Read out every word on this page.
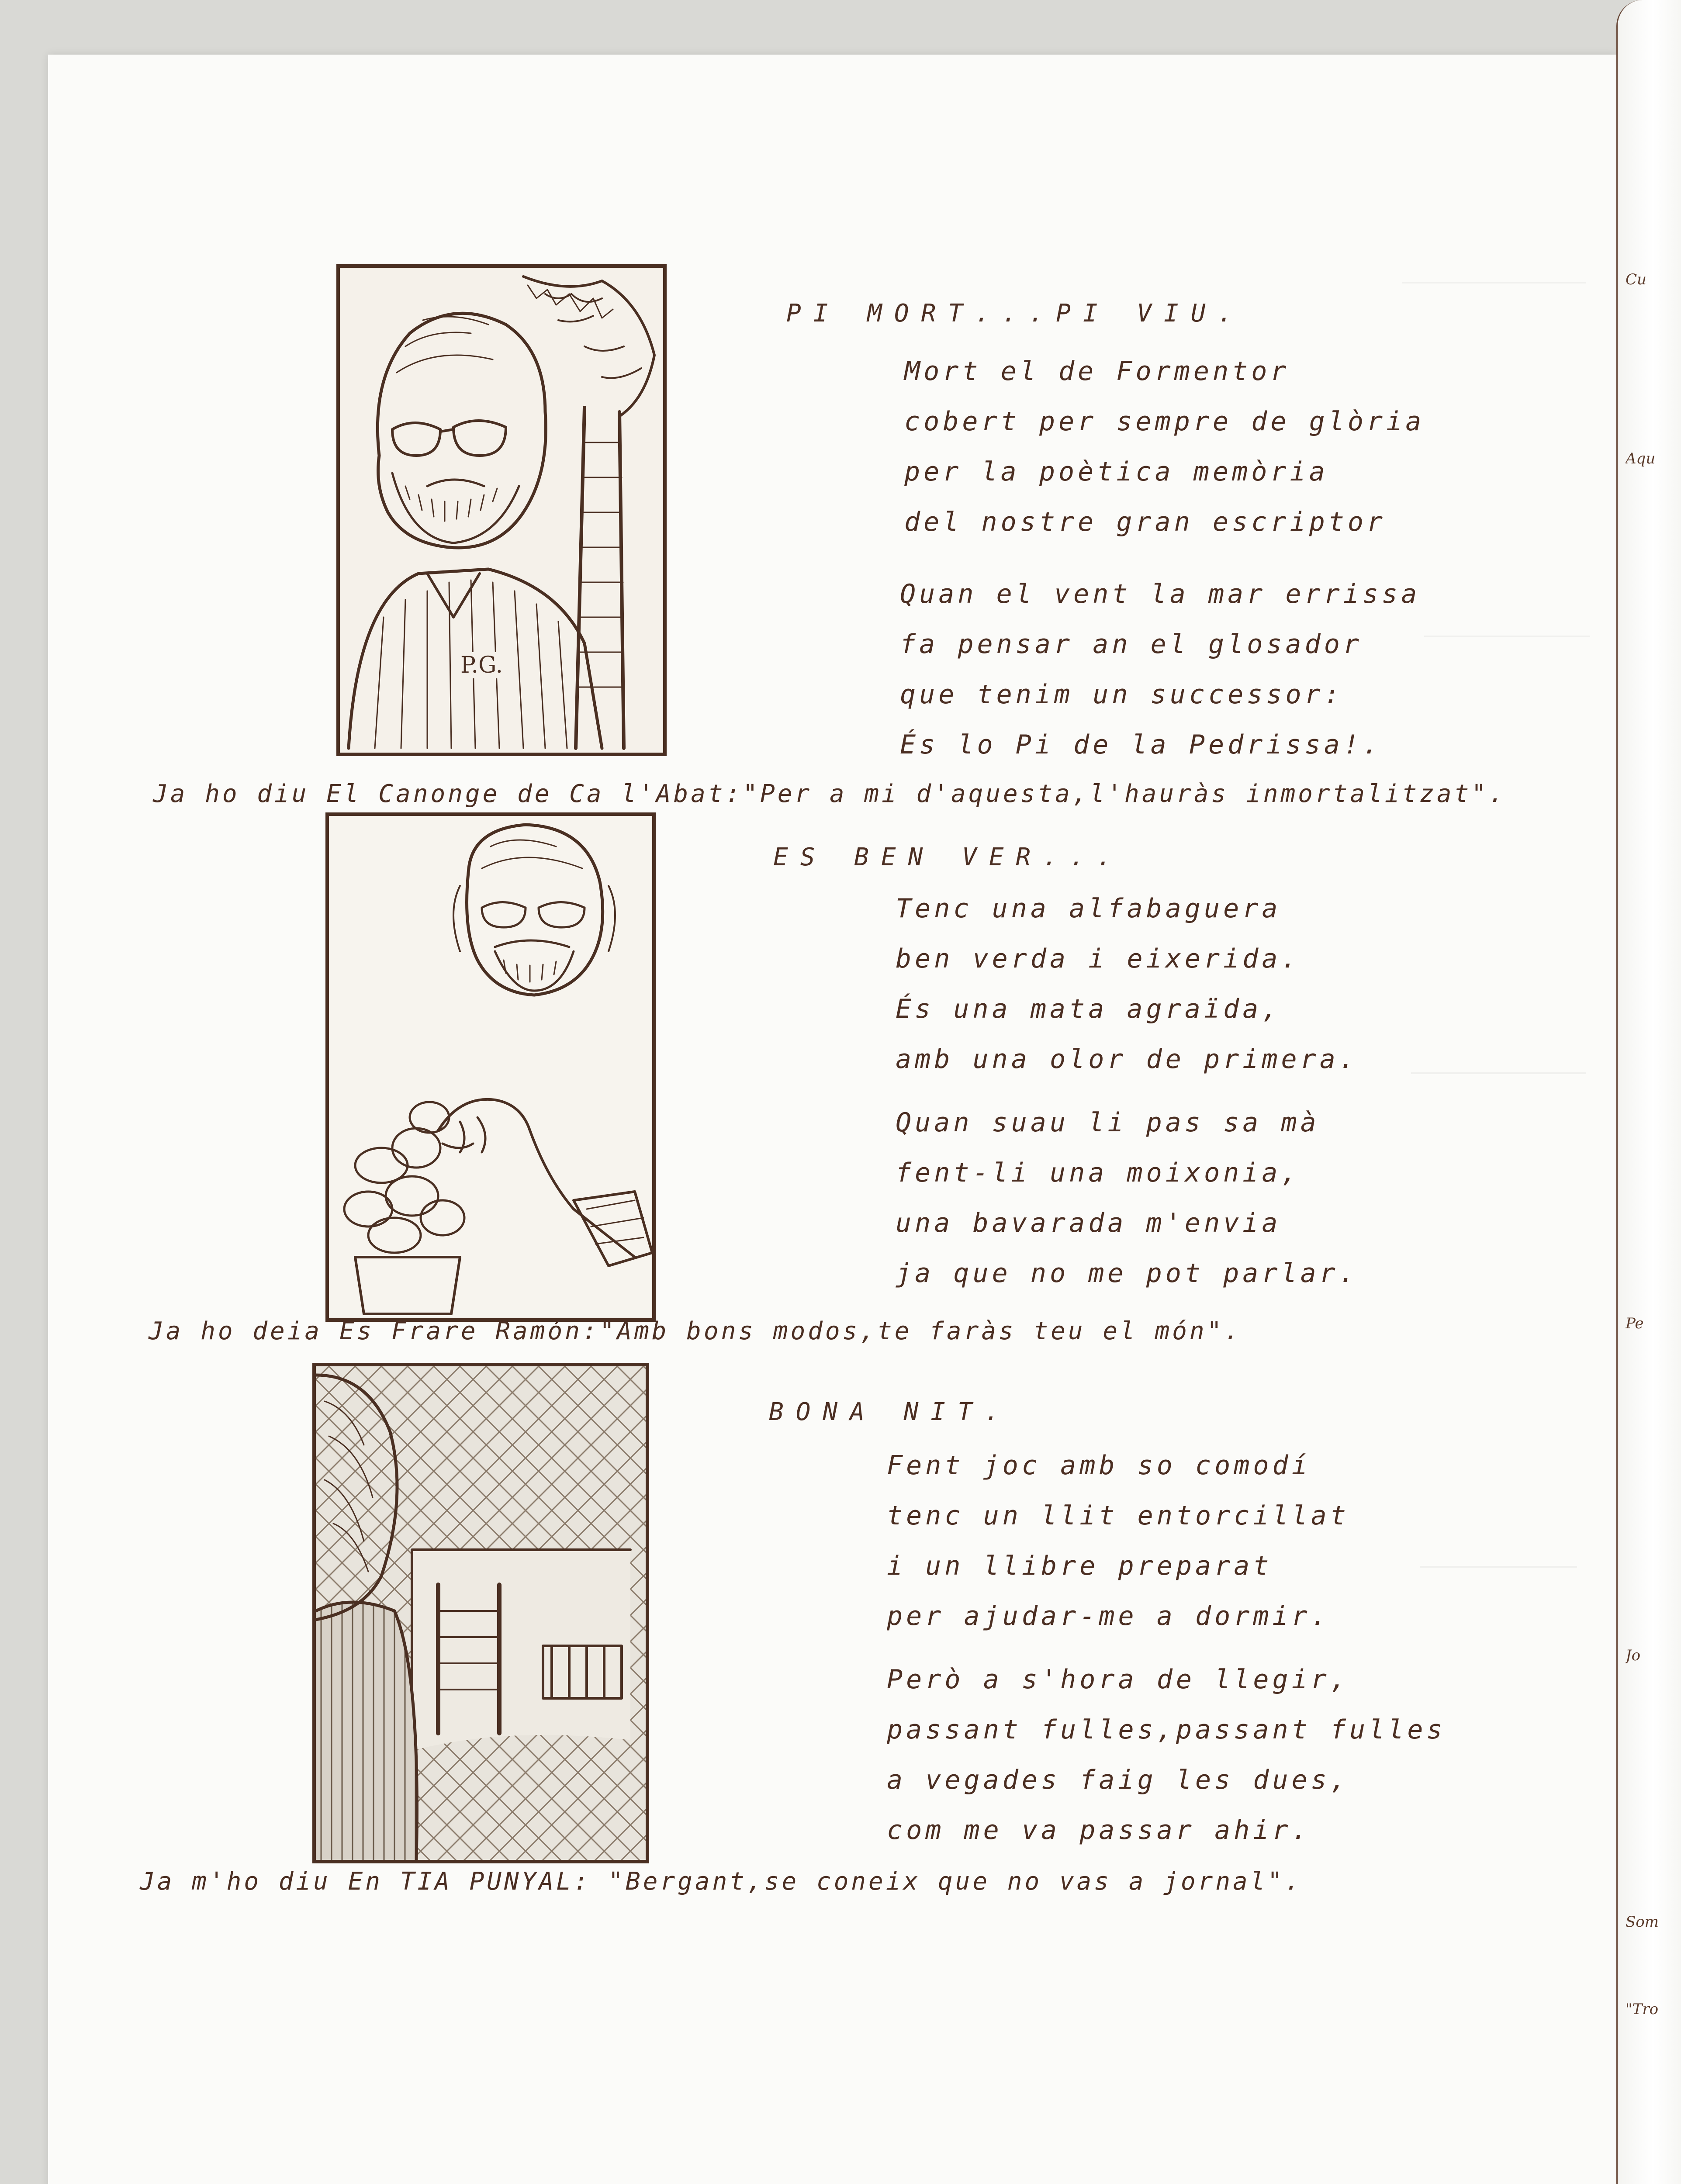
P.G.
PI MORT...PI VIU.
Mort el de Formentor
cobert per sempre de glòria
per la poètica memòria
del nostre gran escriptor
Quan el vent la mar errissa
fa pensar an el glosador
que tenim un successor:
És lo Pi de la Pedrissa!.
Ja ho diu El Canonge de Ca l'Abat:"Per a mi d'aquesta,l'hauràs inmortalitzat".
ES BEN VER...
Tenc una alfabaguera
ben verda i eixerida.
És una mata agraïda,
amb una olor de primera.
Quan suau li pas sa mà
fent-li una moixonia,
una bavarada m'envia
ja que no me pot parlar.
Ja ho deia Es Frare Ramón:"Amb bons modos,te faràs teu el món".
BONA NIT.
Fent joc amb so comodí
tenc un llit entorcillat
i un llibre preparat
per ajudar-me a dormir.
Però a s'hora de llegir,
passant fulles,passant fulles
a vegades faig les dues,
com me va passar ahir.
Ja m'ho diu En TIA PUNYAL: "Bergant,se coneix que no vas a jornal".
Cu
Aqu
Pe
Jo
Som
"Tro
